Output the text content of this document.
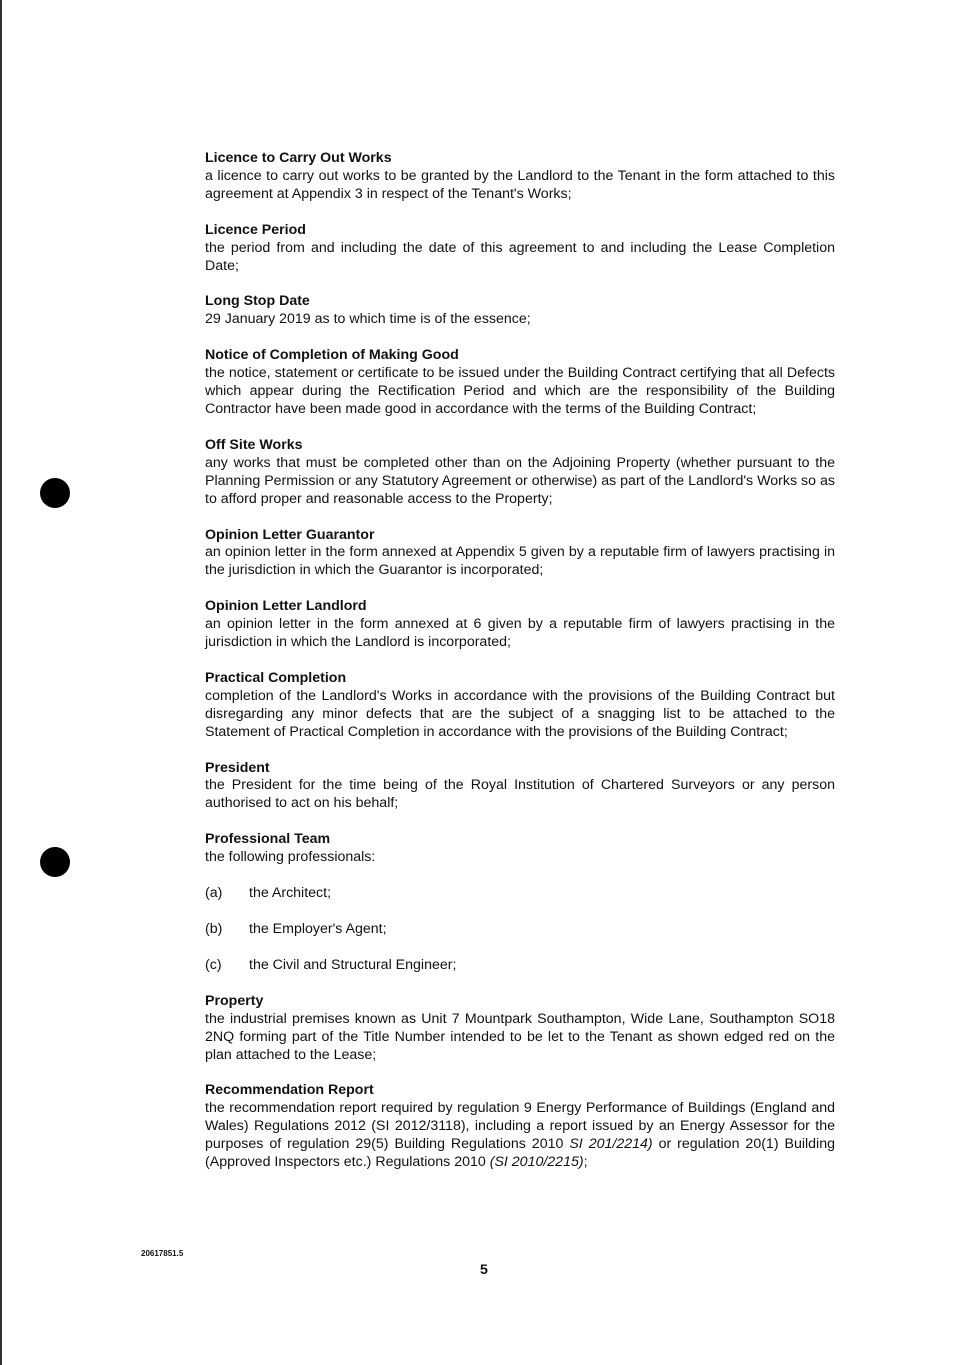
Licence to Carry Out Works
a licence to carry out works to be granted by the Landlord to the Tenant in the form attached to this agreement at Appendix 3 in respect of the Tenant's Works;
Licence Period
the period from and including the date of this agreement to and including the Lease Completion Date;
Long Stop Date
29 January 2019 as to which time is of the essence;
Notice of Completion of Making Good
the notice, statement or certificate to be issued under the Building Contract certifying that all Defects which appear during the Rectification Period and which are the responsibility of the Building Contractor have been made good in accordance with the terms of the Building Contract;
Off Site Works
any works that must be completed other than on the Adjoining Property (whether pursuant to the Planning Permission or any Statutory Agreement or otherwise) as part of the Landlord's Works so as to afford proper and reasonable access to the Property;
Opinion Letter Guarantor
an opinion letter in the form annexed at Appendix 5 given by a reputable firm of lawyers practising in the jurisdiction in which the Guarantor is incorporated;
Opinion Letter Landlord
an opinion letter in the form annexed at 6 given by a reputable firm of lawyers practising in the jurisdiction in which the Landlord is incorporated;
Practical Completion
completion of the Landlord's Works in accordance with the provisions of the Building Contract but disregarding any minor defects that are the subject of a snagging list to be attached to the Statement of Practical Completion in accordance with the provisions of the Building Contract;
President
the President for the time being of the Royal Institution of Chartered Surveyors or any person authorised to act on his behalf;
Professional Team
the following professionals:
(a)	the Architect;
(b)	the Employer's Agent;
(c)	the Civil and Structural Engineer;
Property
the industrial premises known as Unit 7 Mountpark Southampton, Wide Lane, Southampton SO18 2NQ forming part of the Title Number intended to be let to the Tenant as shown edged red on the plan attached to the Lease;
Recommendation Report
the recommendation report required by regulation 9 Energy Performance of Buildings (England and Wales) Regulations 2012 (SI 2012/3118), including a report issued by an Energy Assessor for the purposes of regulation 29(5) Building Regulations 2010 SI 201/2214) or regulation 20(1) Building (Approved Inspectors etc.) Regulations 2010 (SI 2010/2215);
20617851.5
5
